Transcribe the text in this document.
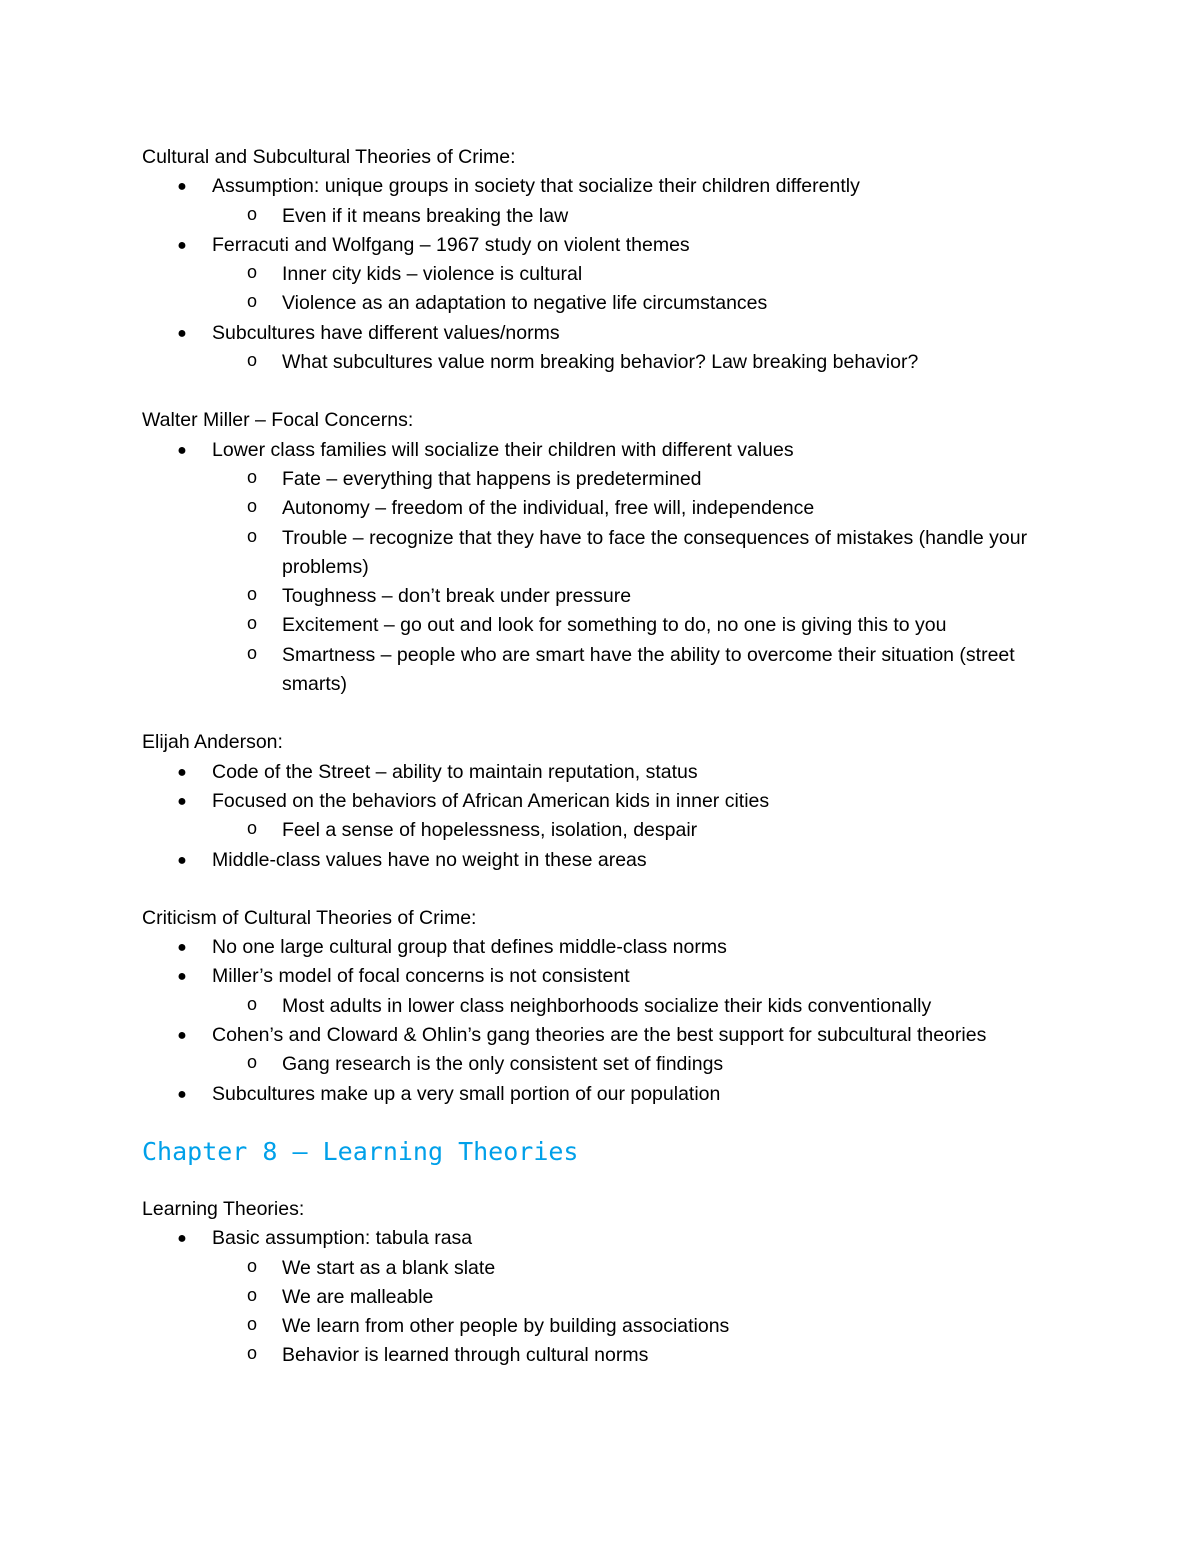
Cultural and Subcultural Theories of Crime:

● Assumption: unique groups in society that socialize their children differently
o Even if it means breaking the law
● Ferracuti and Wolfgang – 1967 study on violent themes
o Inner city kids – violence is cultural
o Violence as an adaptation to negative life circumstances
● Subcultures have different values/norms
o What subcultures value norm breaking behavior? Law breaking behavior?

Walter Miller – Focal Concerns:

● Lower class families will socialize their children with different values
o Fate – everything that happens is predetermined
o Autonomy – freedom of the individual, free will, independence
o Trouble – recognize that they have to face the consequences of mistakes (handle your problems)
o Toughness – don’t break under pressure
o Excitement – go out and look for something to do, no one is giving this to you
o Smartness – people who are smart have the ability to overcome their situation (street smarts)

Elijah Anderson:

● Code of the Street – ability to maintain reputation, status
● Focused on the behaviors of African American kids in inner cities
o Feel a sense of hopelessness, isolation, despair
● Middle-class values have no weight in these areas

Criticism of Cultural Theories of Crime:

● No one large cultural group that defines middle-class norms
● Miller’s model of focal concerns is not consistent
o Most adults in lower class neighborhoods socialize their kids conventionally
● Cohen’s and Cloward & Ohlin’s gang theories are the best support for subcultural theories
o Gang research is the only consistent set of findings
● Subcultures make up a very small portion of our population
Chapter 8 – Learning Theories

Learning Theories:

● Basic assumption: tabula rasa
o We start as a blank slate
o We are malleable
o We learn from other people by building associations
o Behavior is learned through cultural norms
